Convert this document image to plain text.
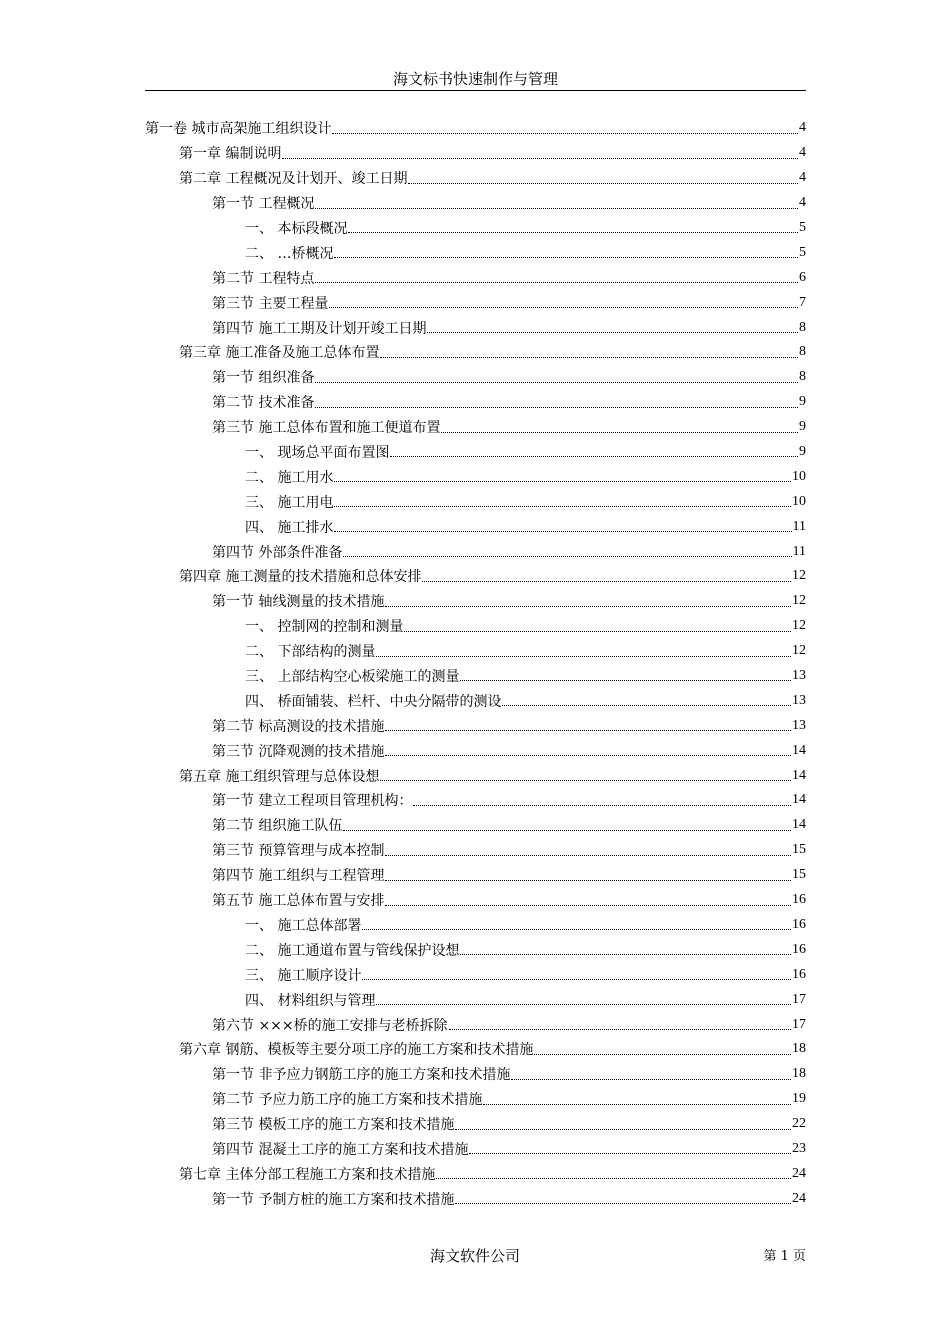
海文标书快速制作与管理
第一卷 城市高架施工组织设计	4
第一章 编制说明	4
第二章 工程概况及计划开、竣工日期	4
第一节 工程概况	4
一、 本标段概况	5
二、 …桥概况	5
第二节 工程特点	6
第三节 主要工程量	7
第四节 施工工期及计划开竣工日期	8
第三章 施工准备及施工总体布置	8
第一节 组织准备	8
第二节 技术准备	9
第三节 施工总体布置和施工便道布置	9
一、 现场总平面布置图	9
二、 施工用水	10
三、 施工用电	10
四、 施工排水	11
第四节 外部条件准备	11
第四章 施工测量的技术措施和总体安排	12
第一节 轴线测量的技术措施	12
一、 控制网的控制和测量	12
二、 下部结构的测量	12
三、 上部结构空心板梁施工的测量	13
四、 桥面铺装、栏杆、中央分隔带的测设	13
第二节 标高测设的技术措施	13
第三节 沉降观测的技术措施	14
第五章 施工组织管理与总体设想	14
第一节 建立工程项目管理机构：	14
第二节 组织施工队伍	14
第三节 预算管理与成本控制	15
第四节 施工组织与工程管理	15
第五节 施工总体布置与安排	16
一、 施工总体部署	16
二、 施工通道布置与管线保护设想	16
三、 施工顺序设计	16
四、 材料组织与管理	17
第六节 ×××桥的施工安排与老桥拆除	17
第六章 钢筋、模板等主要分项工序的施工方案和技术措施	18
第一节 非予应力钢筋工序的施工方案和技术措施	18
第二节 予应力筋工序的施工方案和技术措施	19
第三节 模板工序的施工方案和技术措施	22
第四节 混凝土工序的施工方案和技术措施	23
第七章 主体分部工程施工方案和技术措施	24
第一节 予制方桩的施工方案和技术措施	24
海文软件公司	第 1 页
